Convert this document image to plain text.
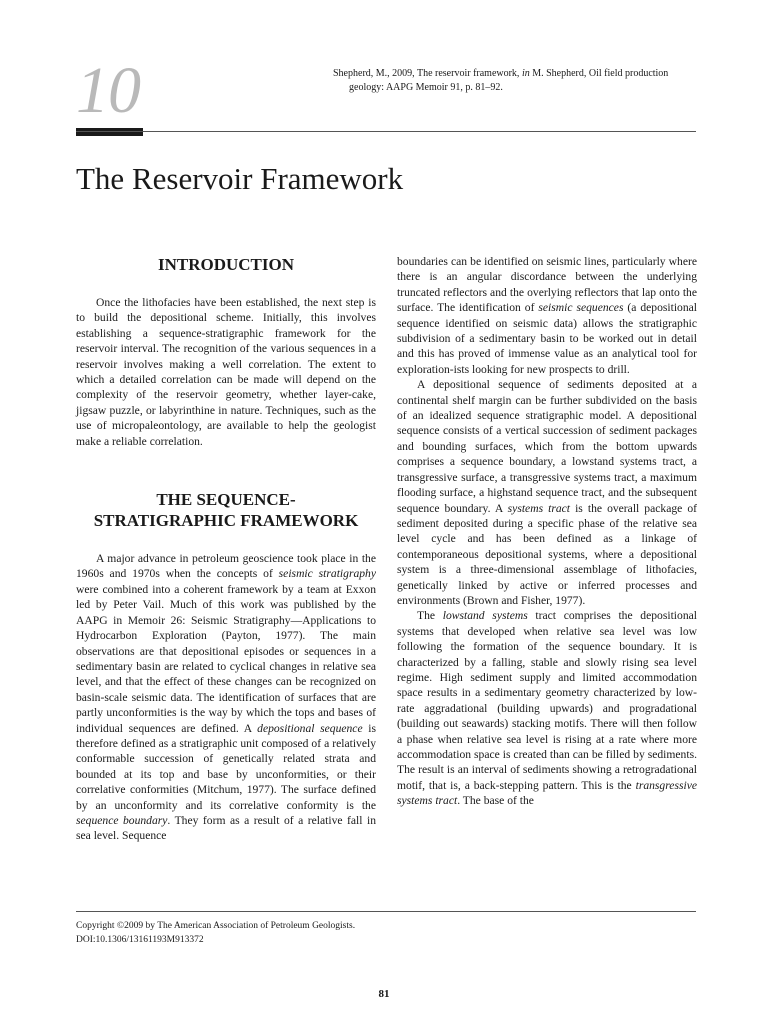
10	Shepherd, M., 2009, The reservoir framework, in M. Shepherd, Oil field production
geology: AAPG Memoir 91, p. 81–92.
The Reservoir Framework
INTRODUCTION

Once the lithofacies have been established, the next step is to build the depositional scheme. Initially, this involves establishing a sequence-stratigraphic framework for the reservoir interval. The recognition of the various sequences in a reservoir involves making a well correlation. The extent to which a detailed correlation can be made will depend on the complexity of the reservoir geometry, whether layer-cake, jigsaw puzzle, or labyrinthine in nature. Techniques, such as the use of micropaleontology, are available to help the geologist make a reliable correlation.

THE SEQUENCE-
STRATIGRAPHIC FRAMEWORK

A major advance in petroleum geoscience took place in the 1960s and 1970s when the concepts of seismic stratigraphy were combined into a coherent framework by a team at Exxon led by Peter Vail. Much of this work was published by the AAPG in Memoir 26: Seismic Stratigraphy—Applications to Hydrocarbon Exploration (Payton, 1977). The main observations are that depositional episodes or sequences in a sedimentary basin are related to cyclical changes in relative sea level, and that the effect of these changes can be recognized on basin-scale seismic data. The identification of surfaces that are partly unconformities is the way by which the tops and bases of individual sequences are defined. A depositional sequence is therefore defined as a stratigraphic unit composed of a relatively conformable succession of genetically related strata and bounded at its top and base by unconformities, or their correlative conformities (Mitchum, 1977). The surface defined by an unconformity and its correlative conformity is the sequence boundary. They form as a result of a relative fall in sea level. Sequence

boundaries can be identified on seismic lines, particularly where there is an angular discordance between the underlying truncated reflectors and the overlying reflectors that lap onto the surface. The identification of seismic sequences (a depositional sequence identified on seismic data) allows the stratigraphic subdivision of a sedimentary basin to be worked out in detail and this has proved of immense value as an analytical tool for exploration-ists looking for new prospects to drill.

A depositional sequence of sediments deposited at a continental shelf margin can be further subdivided on the basis of an idealized sequence stratigraphic model. A depositional sequence consists of a vertical succession of sediment packages and bounding surfaces, which from the bottom upwards comprises a sequence boundary, a lowstand systems tract, a transgressive surface, a transgressive systems tract, a maximum flooding surface, a highstand sequence tract, and the subsequent sequence boundary. A systems tract is the overall package of sediment deposited during a specific phase of the relative sea level cycle and has been defined as a linkage of contemporaneous depositional systems, where a depositional system is a three-dimensional assemblage of lithofacies, genetically linked by active or inferred processes and environments (Brown and Fisher, 1977).

The lowstand systems tract comprises the depositional systems that developed when relative sea level was low following the formation of the sequence boundary. It is characterized by a falling, stable and slowly rising sea level regime. High sediment supply and limited accommodation space results in a sedimentary geometry characterized by low-rate aggradational (building upwards) and progradational (building out seawards) stacking motifs. There will then follow a phase when relative sea level is rising at a rate where more accommodation space is created than can be filled by sediments. The result is an interval of sediments showing a retrogradational motif, that is, a back-stepping pattern. This is the transgressive systems tract. The base of the

Copyright ©2009 by The American Association of Petroleum Geologists.
DOI:10.1306/13161193M913372
81
